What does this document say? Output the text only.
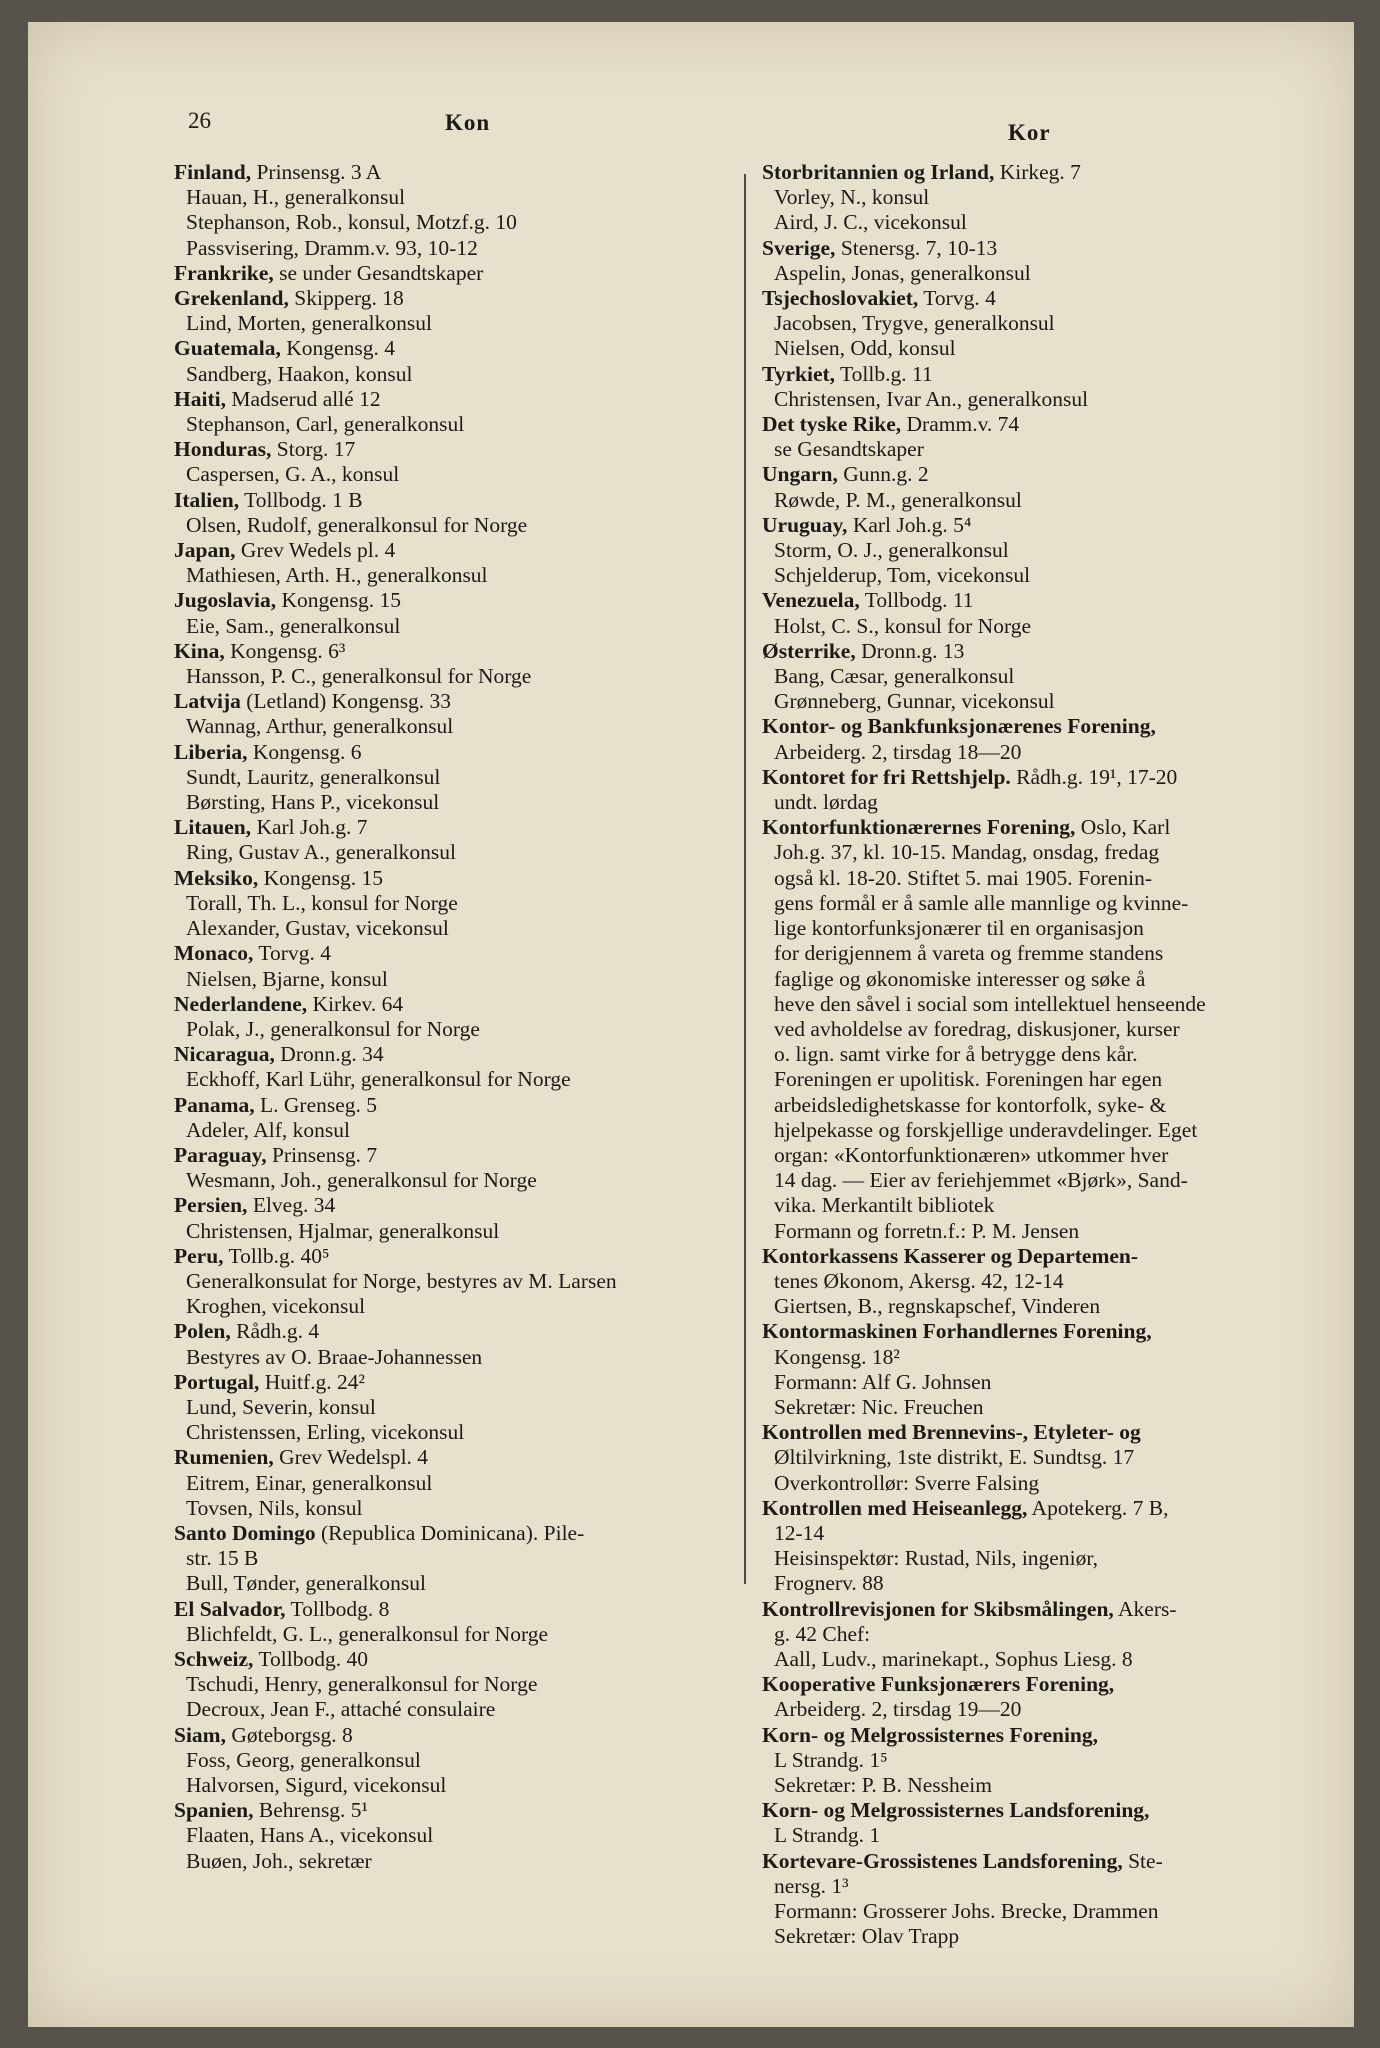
26	Kon	Kor
Finland, Prinsensg. 3 A
Hauan, H., generalkonsul
Stephanson, Rob., konsul, Motzf.g. 10
Passvisering, Dramm.v. 93, 10-12
Frankrike, se under Gesandtskaper
Grekenland, Skipperg. 18
Lind, Morten, generalkonsul
Guatemala, Kongensg. 4
Sandberg, Haakon, konsul
Haiti, Madserud allé 12
Stephanson, Carl, generalkonsul
Honduras, Storg. 17
Caspersen, G. A., konsul
Italien, Tollbodg. 1 B
Olsen, Rudolf, generalkonsul for Norge
Japan, Grev Wedels pl. 4
Mathiesen, Arth. H., generalkonsul
Jugoslavia, Kongensg. 15
Eie, Sam., generalkonsul
Kina, Kongensg. 6³
Hansson, P. C., generalkonsul for Norge
Latvija (Letland) Kongensg. 33
Wannag, Arthur, generalkonsul
Liberia, Kongensg. 6
Sundt, Lauritz, generalkonsul
Børsting, Hans P., vicekonsul
Litauen, Karl Joh.g. 7
Ring, Gustav A., generalkonsul
Meksiko, Kongensg. 15
Torall, Th. L., konsul for Norge
Alexander, Gustav, vicekonsul
Monaco, Torvg. 4
Nielsen, Bjarne, konsul
Nederlandene, Kirkev. 64
Polak, J., generalkonsul for Norge
Nicaragua, Dronn.g. 34
Eckhoff, Karl Lühr, generalkonsul for Norge
Panama, L. Grenseg. 5
Adeler, Alf, konsul
Paraguay, Prinsensg. 7
Wesmann, Joh., generalkonsul for Norge
Persien, Elveg. 34
Christensen, Hjalmar, generalkonsul
Peru, Tollb.g. 40⁵
Generalkonsulat for Norge, bestyres av M. Larsen
Kroghen, vicekonsul
Polen, Rådh.g. 4
Bestyres av O. Braae-Johannessen
Portugal, Huitf.g. 24²
Lund, Severin, konsul
Christenssen, Erling, vicekonsul
Rumenien, Grev Wedelspl. 4
Eitrem, Einar, generalkonsul
Tovsen, Nils, konsul
Santo Domingo (Republica Dominicana). Pile-
str. 15 B
Bull, Tønder, generalkonsul
El Salvador, Tollbodg. 8
Blichfeldt, G. L., generalkonsul for Norge
Schweiz, Tollbodg. 40
Tschudi, Henry, generalkonsul for Norge
Decroux, Jean F., attaché consulaire
Siam, Gøteborgsg. 8
Foss, Georg, generalkonsul
Halvorsen, Sigurd, vicekonsul
Spanien, Behrensg. 5¹
Flaaten, Hans A., vicekonsul
Buøen, Joh., sekretær
Storbritannien og Irland, Kirkeg. 7
Vorley, N., konsul
Aird, J. C., vicekonsul
Sverige, Stenersg. 7, 10-13
Aspelin, Jonas, generalkonsul
Tsjechoslovakiet, Torvg. 4
Jacobsen, Trygve, generalkonsul
Nielsen, Odd, konsul
Tyrkiet, Tollb.g. 11
Christensen, Ivar An., generalkonsul
Det tyske Rike, Dramm.v. 74
se Gesandtskaper
Ungarn, Gunn.g. 2
Røwde, P. M., generalkonsul
Uruguay, Karl Joh.g. 5⁴
Storm, O. J., generalkonsul
Schjelderup, Tom, vicekonsul
Venezuela, Tollbodg. 11
Holst, C. S., konsul for Norge
Østerrike, Dronn.g. 13
Bang, Cæsar, generalkonsul
Grønneberg, Gunnar, vicekonsul
Kontor- og Bankfunksjonærenes Forening,
Arbeiderg. 2, tirsdag 18—20
Kontoret for fri Rettshjelp. Rådh.g. 19¹, 17-20
undt. lørdag
Kontorfunktionærernes Forening, Oslo, Karl
Joh.g. 37, kl. 10-15. Mandag, onsdag, fredag
også kl. 18-20. Stiftet 5. mai 1905. Forenin-
gens formål er å samle alle mannlige og kvinne-
lige kontorfunksjonærer til en organisasjon
for derigjennem å vareta og fremme standens
faglige og økonomiske interesser og søke å
heve den såvel i social som intellektuel henseende
ved avholdelse av foredrag, diskusjoner, kurser
o. lign. samt virke for å betrygge dens kår.
Foreningen er upolitisk. Foreningen har egen
arbeidsledighetskasse for kontorfolk, syke- &
hjelpekasse og forskjellige underavdelinger. Eget
organ: «Kontorfunktionæren» utkommer hver
14 dag. — Eier av feriehjemmet «Bjørk», Sand-
vika. Merkantilt bibliotek
Formann og forretn.f.: P. M. Jensen
Kontorkassens Kasserer og Departemen-
tenes Økonom, Akersg. 42, 12-14
Giertsen, B., regnskapschef, Vinderen
Kontormaskinen Forhandlernes Forening,
Kongensg. 18²
Formann: Alf G. Johnsen
Sekretær: Nic. Freuchen
Kontrollen med Brennevins-, Etyleter- og
Øltilvirkning, 1ste distrikt, E. Sundtsg. 17
Overkontrollør: Sverre Falsing
Kontrollen med Heiseanlegg, Apotekerg. 7 B,
12-14
Heisinspektør: Rustad, Nils, ingeniør,
Frognerv. 88
Kontrollrevisjonen for Skibsmålingen, Akers-
g. 42 Chef:
Aall, Ludv., marinekapt., Sophus Liesg. 8
Kooperative Funksjonærers Forening,
Arbeiderg. 2, tirsdag 19—20
Korn- og Melgrossisternes Forening,
L Strandg. 1⁵
Sekretær: P. B. Nessheim
Korn- og Melgrossisternes Landsforening,
L Strandg. 1
Kortevare-Grossistenes Landsforening, Ste-
nersg. 1³
Formann: Grosserer Johs. Brecke, Drammen
Sekretær: Olav Trapp
